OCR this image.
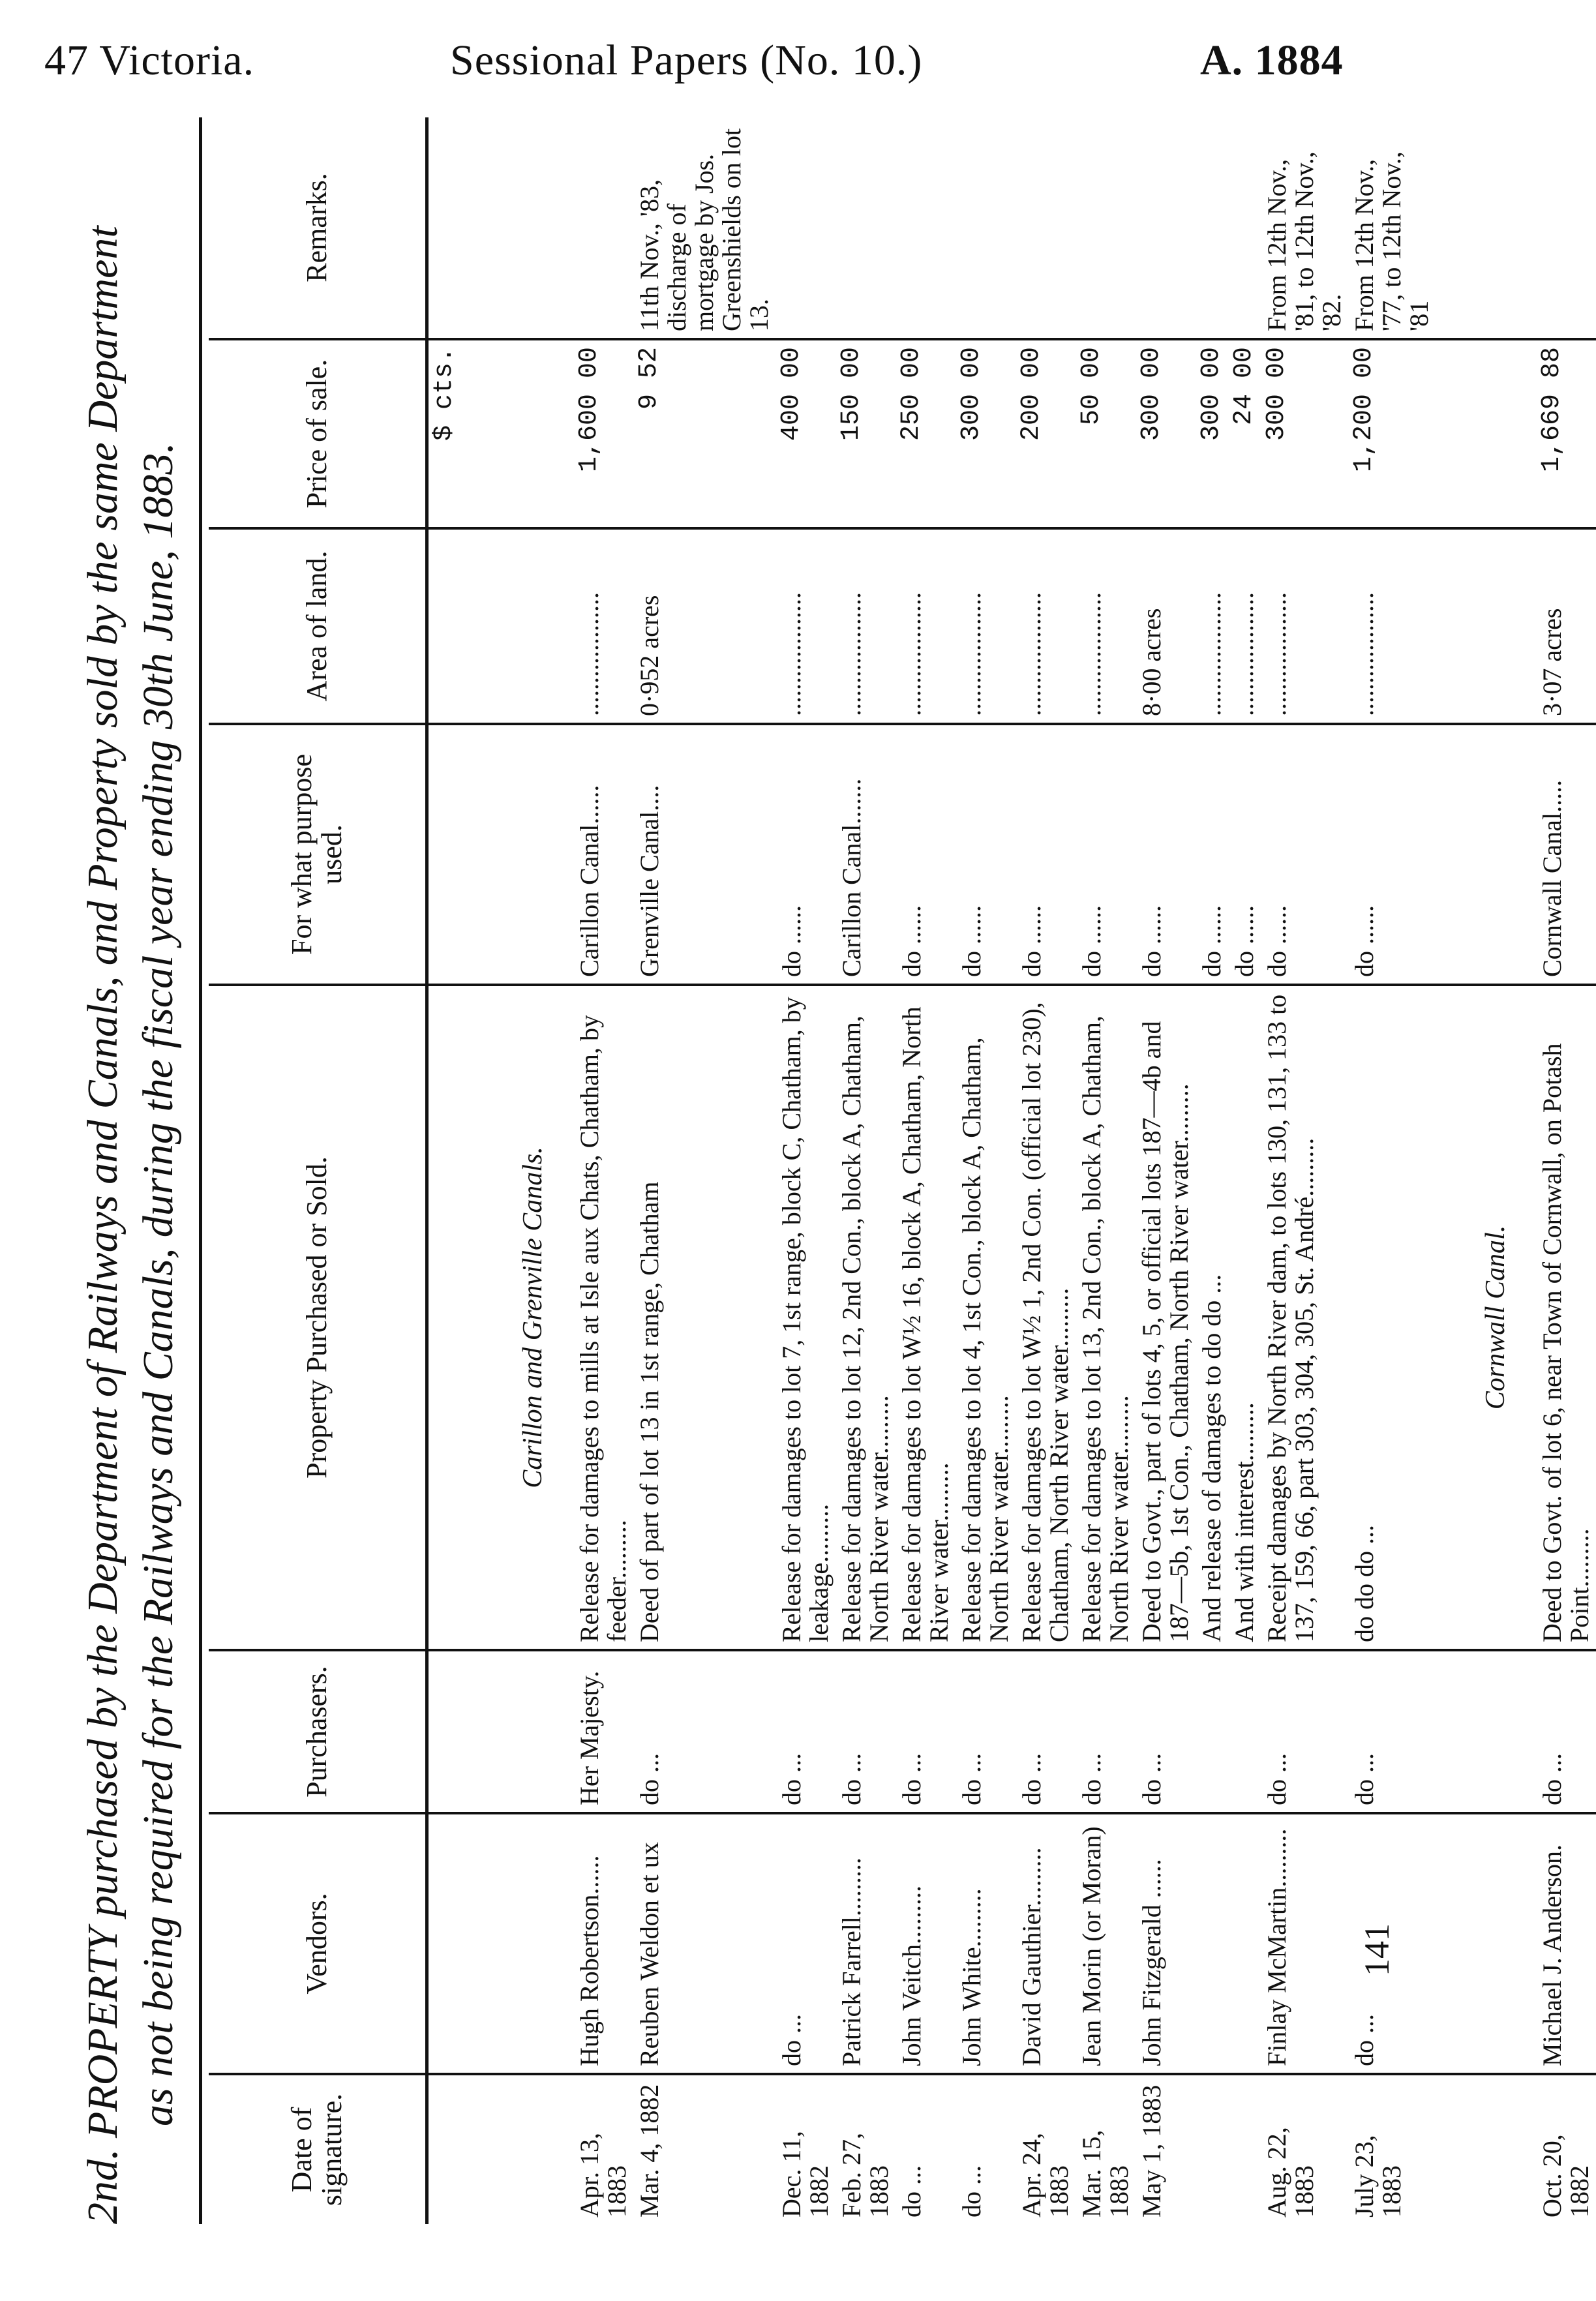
47 Victoria.	Sessional Papers (No. 10.)	A. 1884
2nd. PROPERTY purchased by the Department of Railways and Canals, and Property sold by the same Department as not being required for the Railways and Canals, during the fiscal year ending 30th June, 1883.
Date of signature.	Vendors.	Purchasers.	Property Purchased or Sold.	For what purpose used.	Area of land.	Price of sale.	Remarks.
						$ cts.	
			Carillon and Grenville Canals.				
Apr. 13, 1883	Hugh Robertson......	Her Majesty.	Release for damages to mills at Isle aux Chats, Chatham, by feeder.........	Carillon Canal......	...................	1,600 00	
Mar. 4, 1882	Reuben Weldon et ux	do ...	Deed of part of lot 13 in 1st range, Chatham	Grenville Canal....	0·952 acres	9 52	11th Nov., '83, discharge of mortgage by Jos. Greenshields on lot 13.
Dec. 11, 1882	do ...	do ...	Release for damages to lot 7, 1st range, block C, Chatham, by leakage.........	do ......	...................	400 00	
Feb. 27, 1883	Patrick Farrell.........	do ...	Release for damages to lot 12, 2nd Con., block A, Chatham, North River water.........	Carillon Canal.......	...................	150 00	
do ...	John Veitch.........	do ...	Release for damages to lot W½ 16, block A, Chatham, North River water.........	do ......	...................	250 00	
do ...	John White.........	do ...	Release for damages to lot 4, 1st Con., block A, Chatham, North River water.........	do ......	...................	300 00	
Apr. 24, 1883	David Gauthier.........	do ...	Release for damages to lot W½ 1, 2nd Con. (official lot 230), Chatham, North River water.........	do ......	...................	200 00	
Mar. 15, 1883	Jean Morin (or Moran)	do ...	Release for damages to lot 13, 2nd Con., block A, Chatham, North River water.........	do ......	...................	50 00	
May 1, 1883	John Fitzgerald ......	do ...	Deed to Govt., part of lots 4, 5, or official lots 187—4b and 187—5b, 1st Con., Chatham, North River water.........	do ......	8·00 acres	300 00	
			And release of damages to do do ...	do ......	...................	300 00	
			And with interest.........	do ......	...................	24 00	
Aug. 22, 1883	Finlay McMartin.........	do ...	Receipt damages by North River dam, to lots 130, 131, 133 to 137, 159, 66, part 303, 304, 305, St. André.........	do ......	...................	300 00	From 12th Nov., '81, to 12th Nov., '82.
July 23, 1883	do ...	do ...	do do do ...	do ......	...................	1,200 00	From 12th Nov., '77, to 12th Nov., '81
			Cornwall Canal.				
Oct. 20, 1882	Michael J. Anderson.	do ...	Deed to Govt. of lot 6, near Town of Cornwall, on Potash Point.........	Cornwall Canal.....	3·07 acres	1,669 88	
141
